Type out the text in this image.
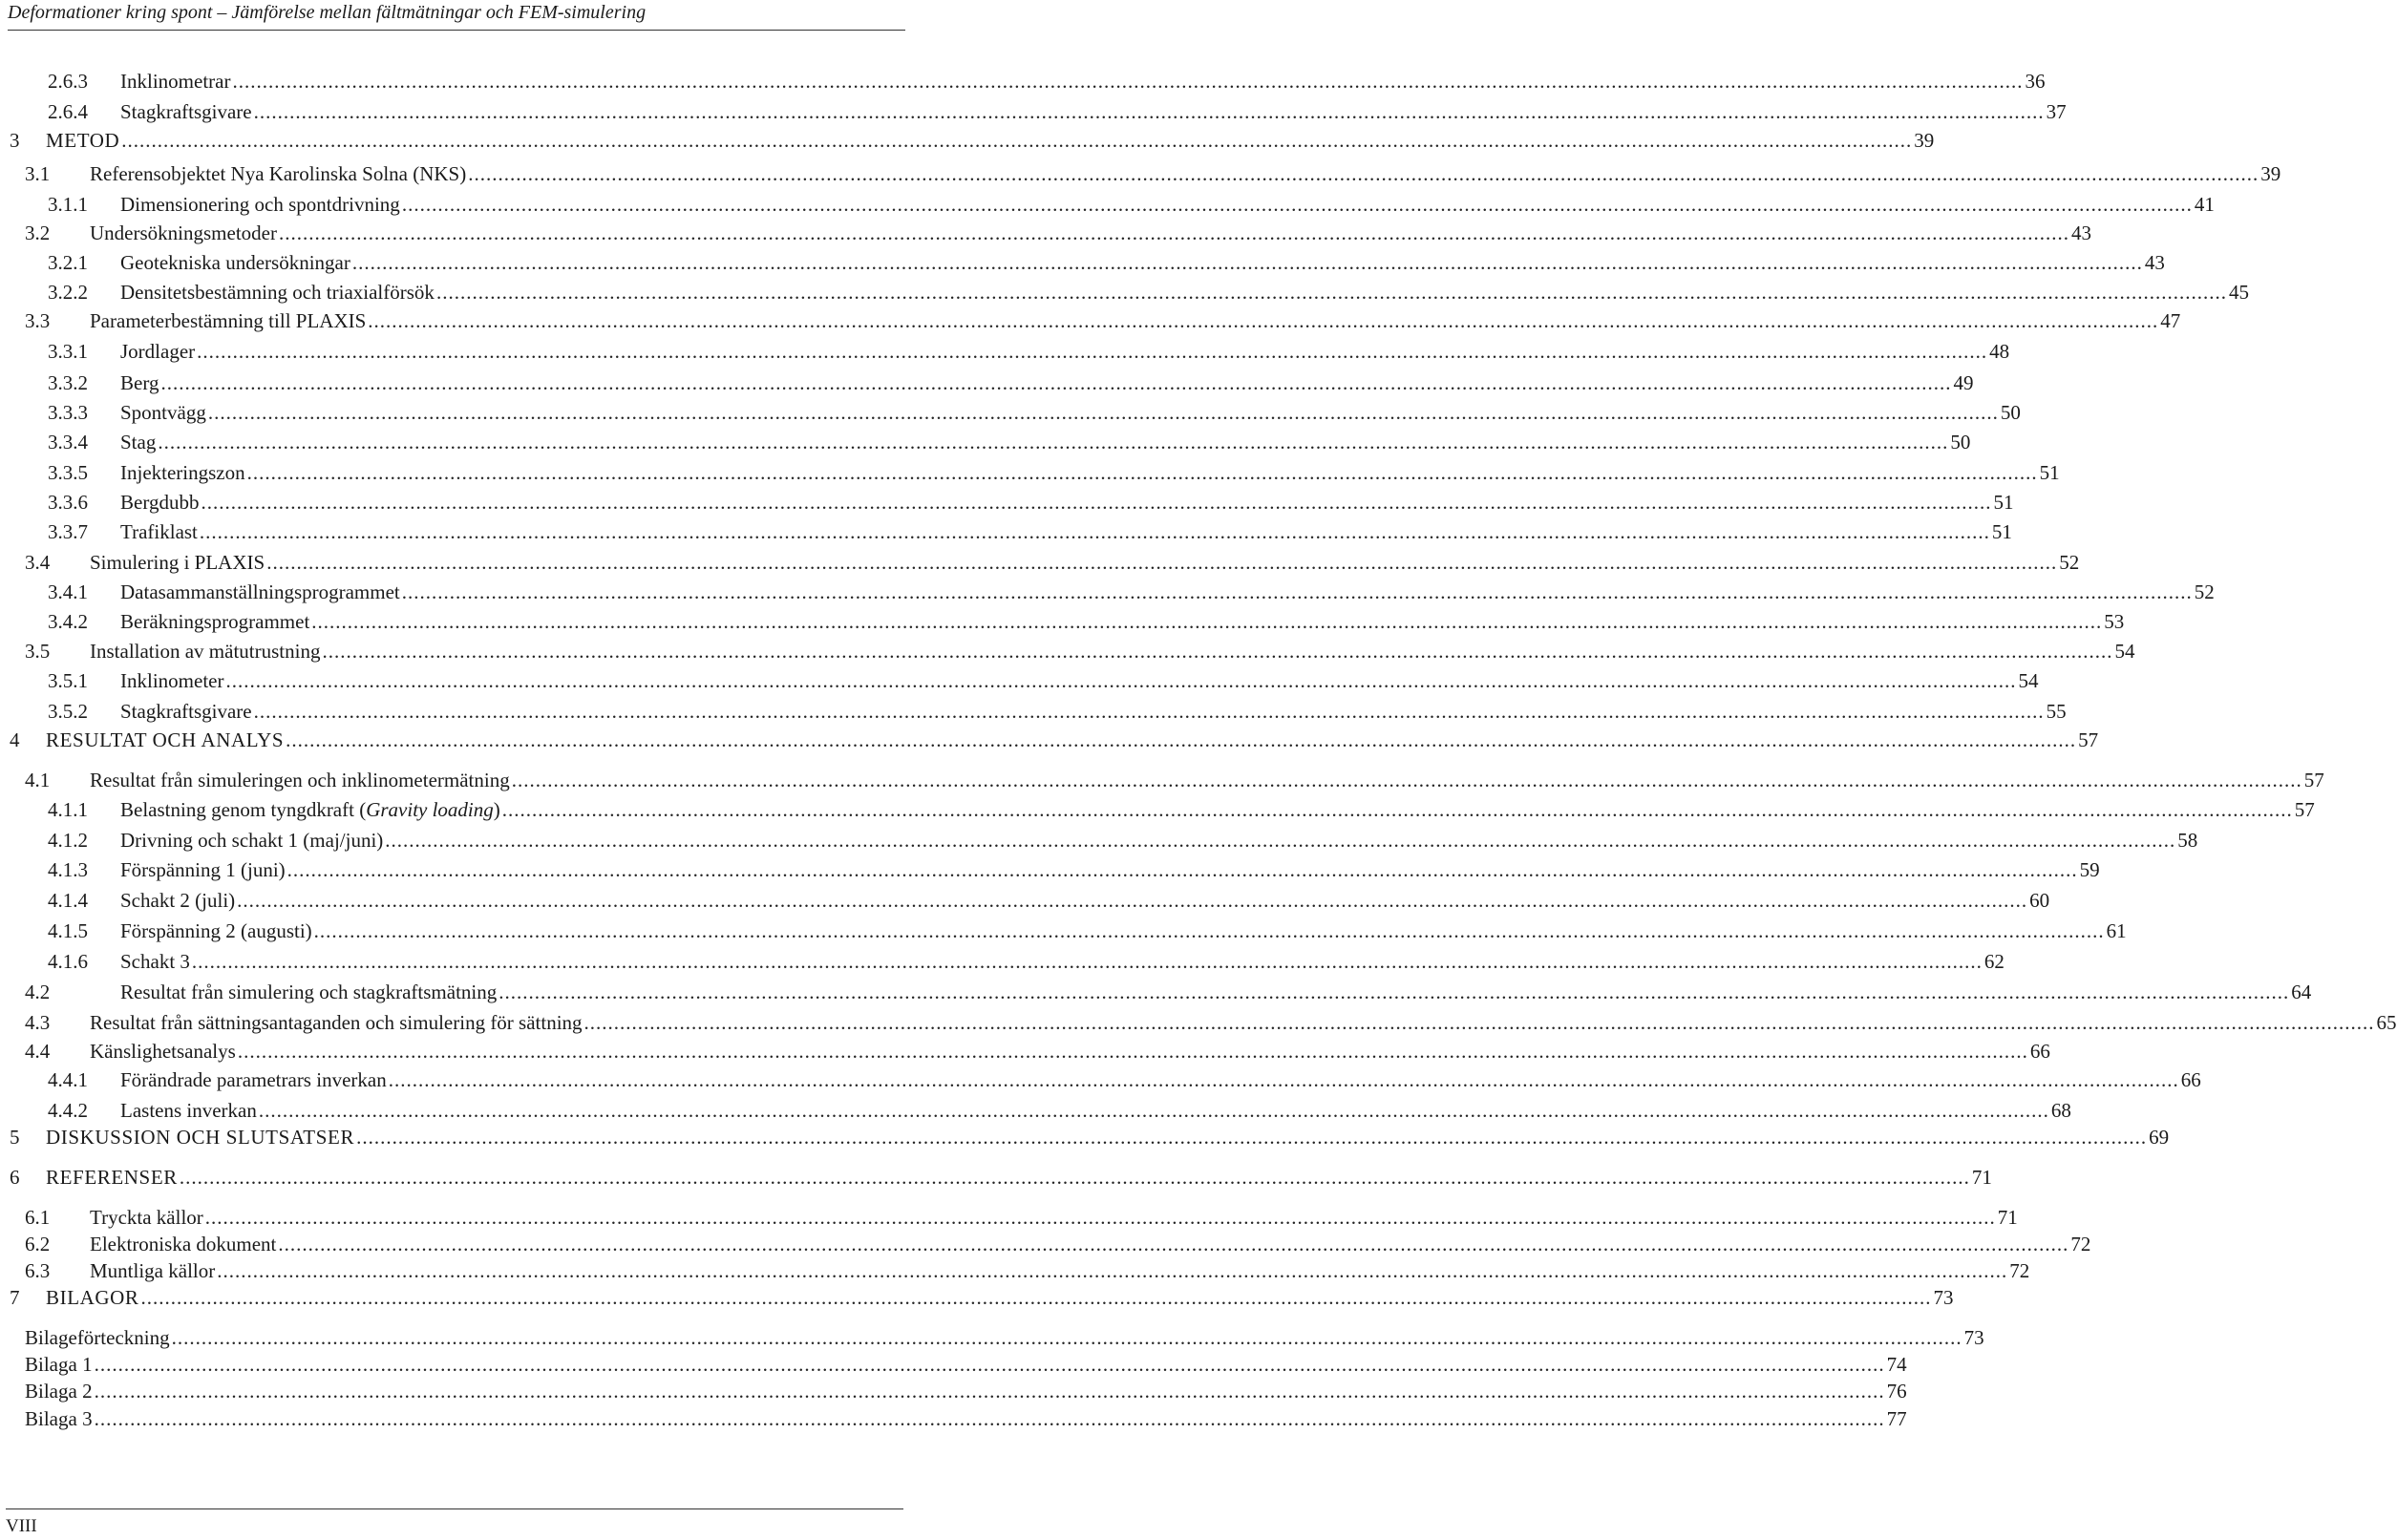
Deformationer kring spont – Jämförelse mellan fältmätningar och FEM-simulering
2.6.3 Inklinometrar ............................................................................................................................................................................................................................................................................................................ 36
2.6.4 Stagkraftsgivare ............................................................................................................................................................................................................................................................................................................ 37
3 METOD ............................................................................................................................................................................................................................................................................................................ 39
3.1 Referensobjektet Nya Karolinska Solna (NKS) ............................................................................................................................................................................................................................................................................................................ 39
3.1.1 Dimensionering och spontdrivning ............................................................................................................................................................................................................................................................................................................ 41
3.2 Undersökningsmetoder ............................................................................................................................................................................................................................................................................................................ 43
3.2.1 Geotekniska undersökningar ............................................................................................................................................................................................................................................................................................................ 43
3.2.2 Densitetsbestämning och triaxialförsök ............................................................................................................................................................................................................................................................................................................ 45
3.3 Parameterbestämning till PLAXIS ............................................................................................................................................................................................................................................................................................................ 47
3.3.1 Jordlager ............................................................................................................................................................................................................................................................................................................ 48
3.3.2 Berg ............................................................................................................................................................................................................................................................................................................ 49
3.3.3 Spontvägg ............................................................................................................................................................................................................................................................................................................ 50
3.3.4 Stag ............................................................................................................................................................................................................................................................................................................ 50
3.3.5 Injekteringszon ............................................................................................................................................................................................................................................................................................................ 51
3.3.6 Bergdubb ............................................................................................................................................................................................................................................................................................................ 51
3.3.7 Trafiklast ............................................................................................................................................................................................................................................................................................................ 51
3.4 Simulering i PLAXIS ............................................................................................................................................................................................................................................................................................................ 52
3.4.1 Datasammanställningsprogrammet ............................................................................................................................................................................................................................................................................................................ 52
3.4.2 Beräkningsprogrammet ............................................................................................................................................................................................................................................................................................................ 53
3.5 Installation av mätutrustning ............................................................................................................................................................................................................................................................................................................ 54
3.5.1 Inklinometer ............................................................................................................................................................................................................................................................................................................ 54
3.5.2 Stagkraftsgivare ............................................................................................................................................................................................................................................................................................................ 55
4 RESULTAT OCH ANALYS ............................................................................................................................................................................................................................................................................................................ 57
4.1 Resultat från simuleringen och inklinometermätning ............................................................................................................................................................................................................................................................................................................ 57
4.1.1 Belastning genom tyngdkraft (Gravity loading) ............................................................................................................................................................................................................................................................................................................ 57
4.1.2 Drivning och schakt 1 (maj/juni) ............................................................................................................................................................................................................................................................................................................ 58
4.1.3 Förspänning 1 (juni) ............................................................................................................................................................................................................................................................................................................ 59
4.1.4 Schakt 2 (juli) ............................................................................................................................................................................................................................................................................................................ 60
4.1.5 Förspänning 2 (augusti) ............................................................................................................................................................................................................................................................................................................ 61
4.1.6 Schakt 3 ............................................................................................................................................................................................................................................................................................................ 62
4.2	Resultat från simulering och stagkraftsmätning ............................................................................................................................................................................................................................................................................................................ 64
4.3 Resultat från sättningsantaganden och simulering för sättning ............................................................................................................................................................................................................................................................................................................ 65
4.4 Känslighetsanalys ............................................................................................................................................................................................................................................................................................................ 66
4.4.1 Förändrade parametrars inverkan ............................................................................................................................................................................................................................................................................................................ 66
4.4.2 Lastens inverkan ............................................................................................................................................................................................................................................................................................................ 68
5 DISKUSSION OCH SLUTSATSER ............................................................................................................................................................................................................................................................................................................ 69
6 REFERENSER ............................................................................................................................................................................................................................................................................................................ 71
6.1 Tryckta källor ............................................................................................................................................................................................................................................................................................................ 71
6.2 Elektroniska dokument ............................................................................................................................................................................................................................................................................................................ 72
6.3 Muntliga källor ............................................................................................................................................................................................................................................................................................................ 72
7 BILAGOR ............................................................................................................................................................................................................................................................................................................ 73
Bilageförteckning ............................................................................................................................................................................................................................................................................................................ 73
Bilaga 1 ............................................................................................................................................................................................................................................................................................................ 74
Bilaga 2 ............................................................................................................................................................................................................................................................................................................ 76
Bilaga 3 ............................................................................................................................................................................................................................................................................................................ 77
VIII
